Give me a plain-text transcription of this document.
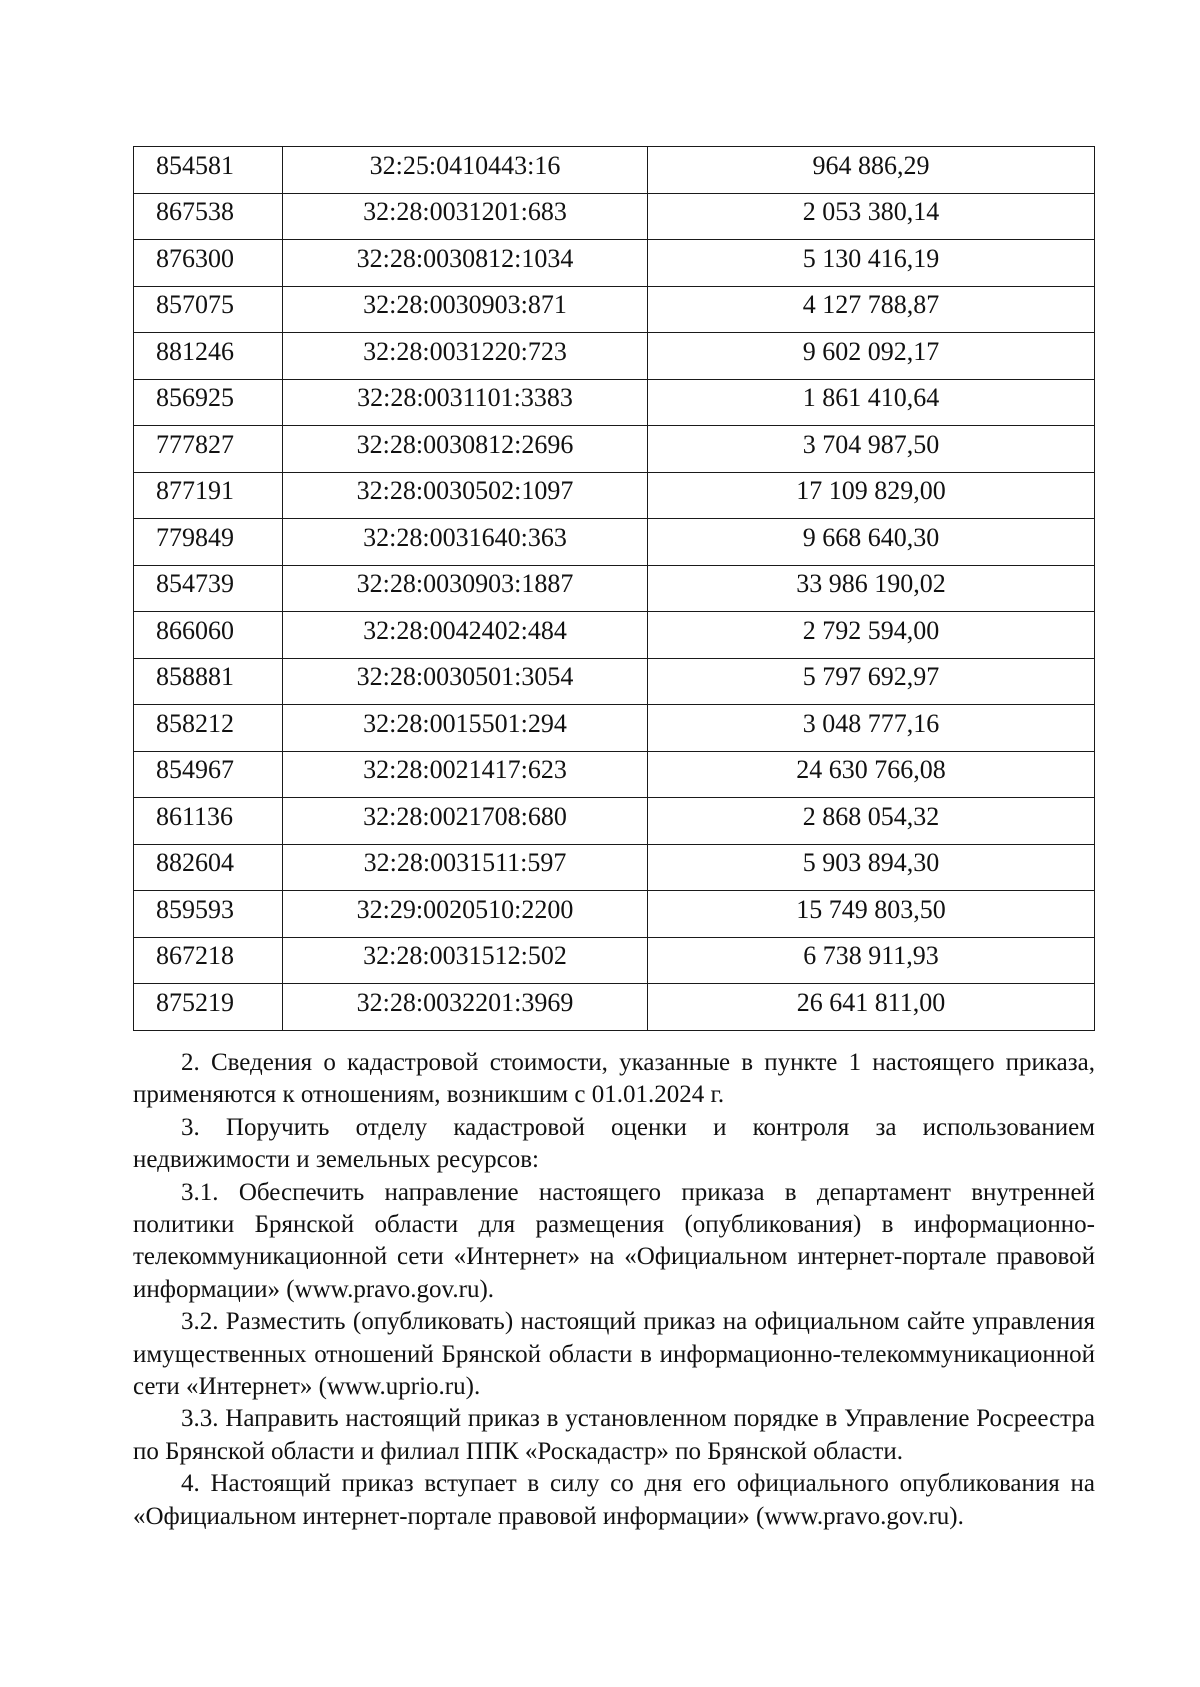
854581	32:25:0410443:16	964 886,29
867538	32:28:0031201:683	2 053 380,14
876300	32:28:0030812:1034	5 130 416,19
857075	32:28:0030903:871	4 127 788,87
881246	32:28:0031220:723	9 602 092,17
856925	32:28:0031101:3383	1 861 410,64
777827	32:28:0030812:2696	3 704 987,50
877191	32:28:0030502:1097	17 109 829,00
779849	32:28:0031640:363	9 668 640,30
854739	32:28:0030903:1887	33 986 190,02
866060	32:28:0042402:484	2 792 594,00
858881	32:28:0030501:3054	5 797 692,97
858212	32:28:0015501:294	3 048 777,16
854967	32:28:0021417:623	24 630 766,08
861136	32:28:0021708:680	2 868 054,32
882604	32:28:0031511:597	5 903 894,30
859593	32:29:0020510:2200	15 749 803,50
867218	32:28:0031512:502	6 738 911,93
875219	32:28:0032201:3969	26 641 811,00

2. Сведения о кадастровой стоимости, указанные в пункте 1 настоящего приказа, применяются к отношениям, возникшим с 01.01.2024 г.

3. Поручить отделу кадастровой оценки и контроля за использованием недвижимости и земельных ресурсов:

3.1. Обеспечить направление настоящего приказа в департамент внутренней политики Брянской области для размещения (опубликования) в информационно-телекоммуникационной сети «Интернет» на «Официальном интернет-портале правовой информации» (www.pravo.gov.ru).

3.2. Разместить (опубликовать) настоящий приказ на официальном сайте управления имущественных отношений Брянской области в информационно-телекоммуникационной сети «Интернет» (www.uprio.ru).

3.3. Направить настоящий приказ в установленном порядке в Управление Росреестра по Брянской области и филиал ППК «Роскадастр» по Брянской области.

4. Настоящий приказ вступает в силу со дня его официального опубликования на «Официальном интернет-портале правовой информации» (www.pravo.gov.ru).
